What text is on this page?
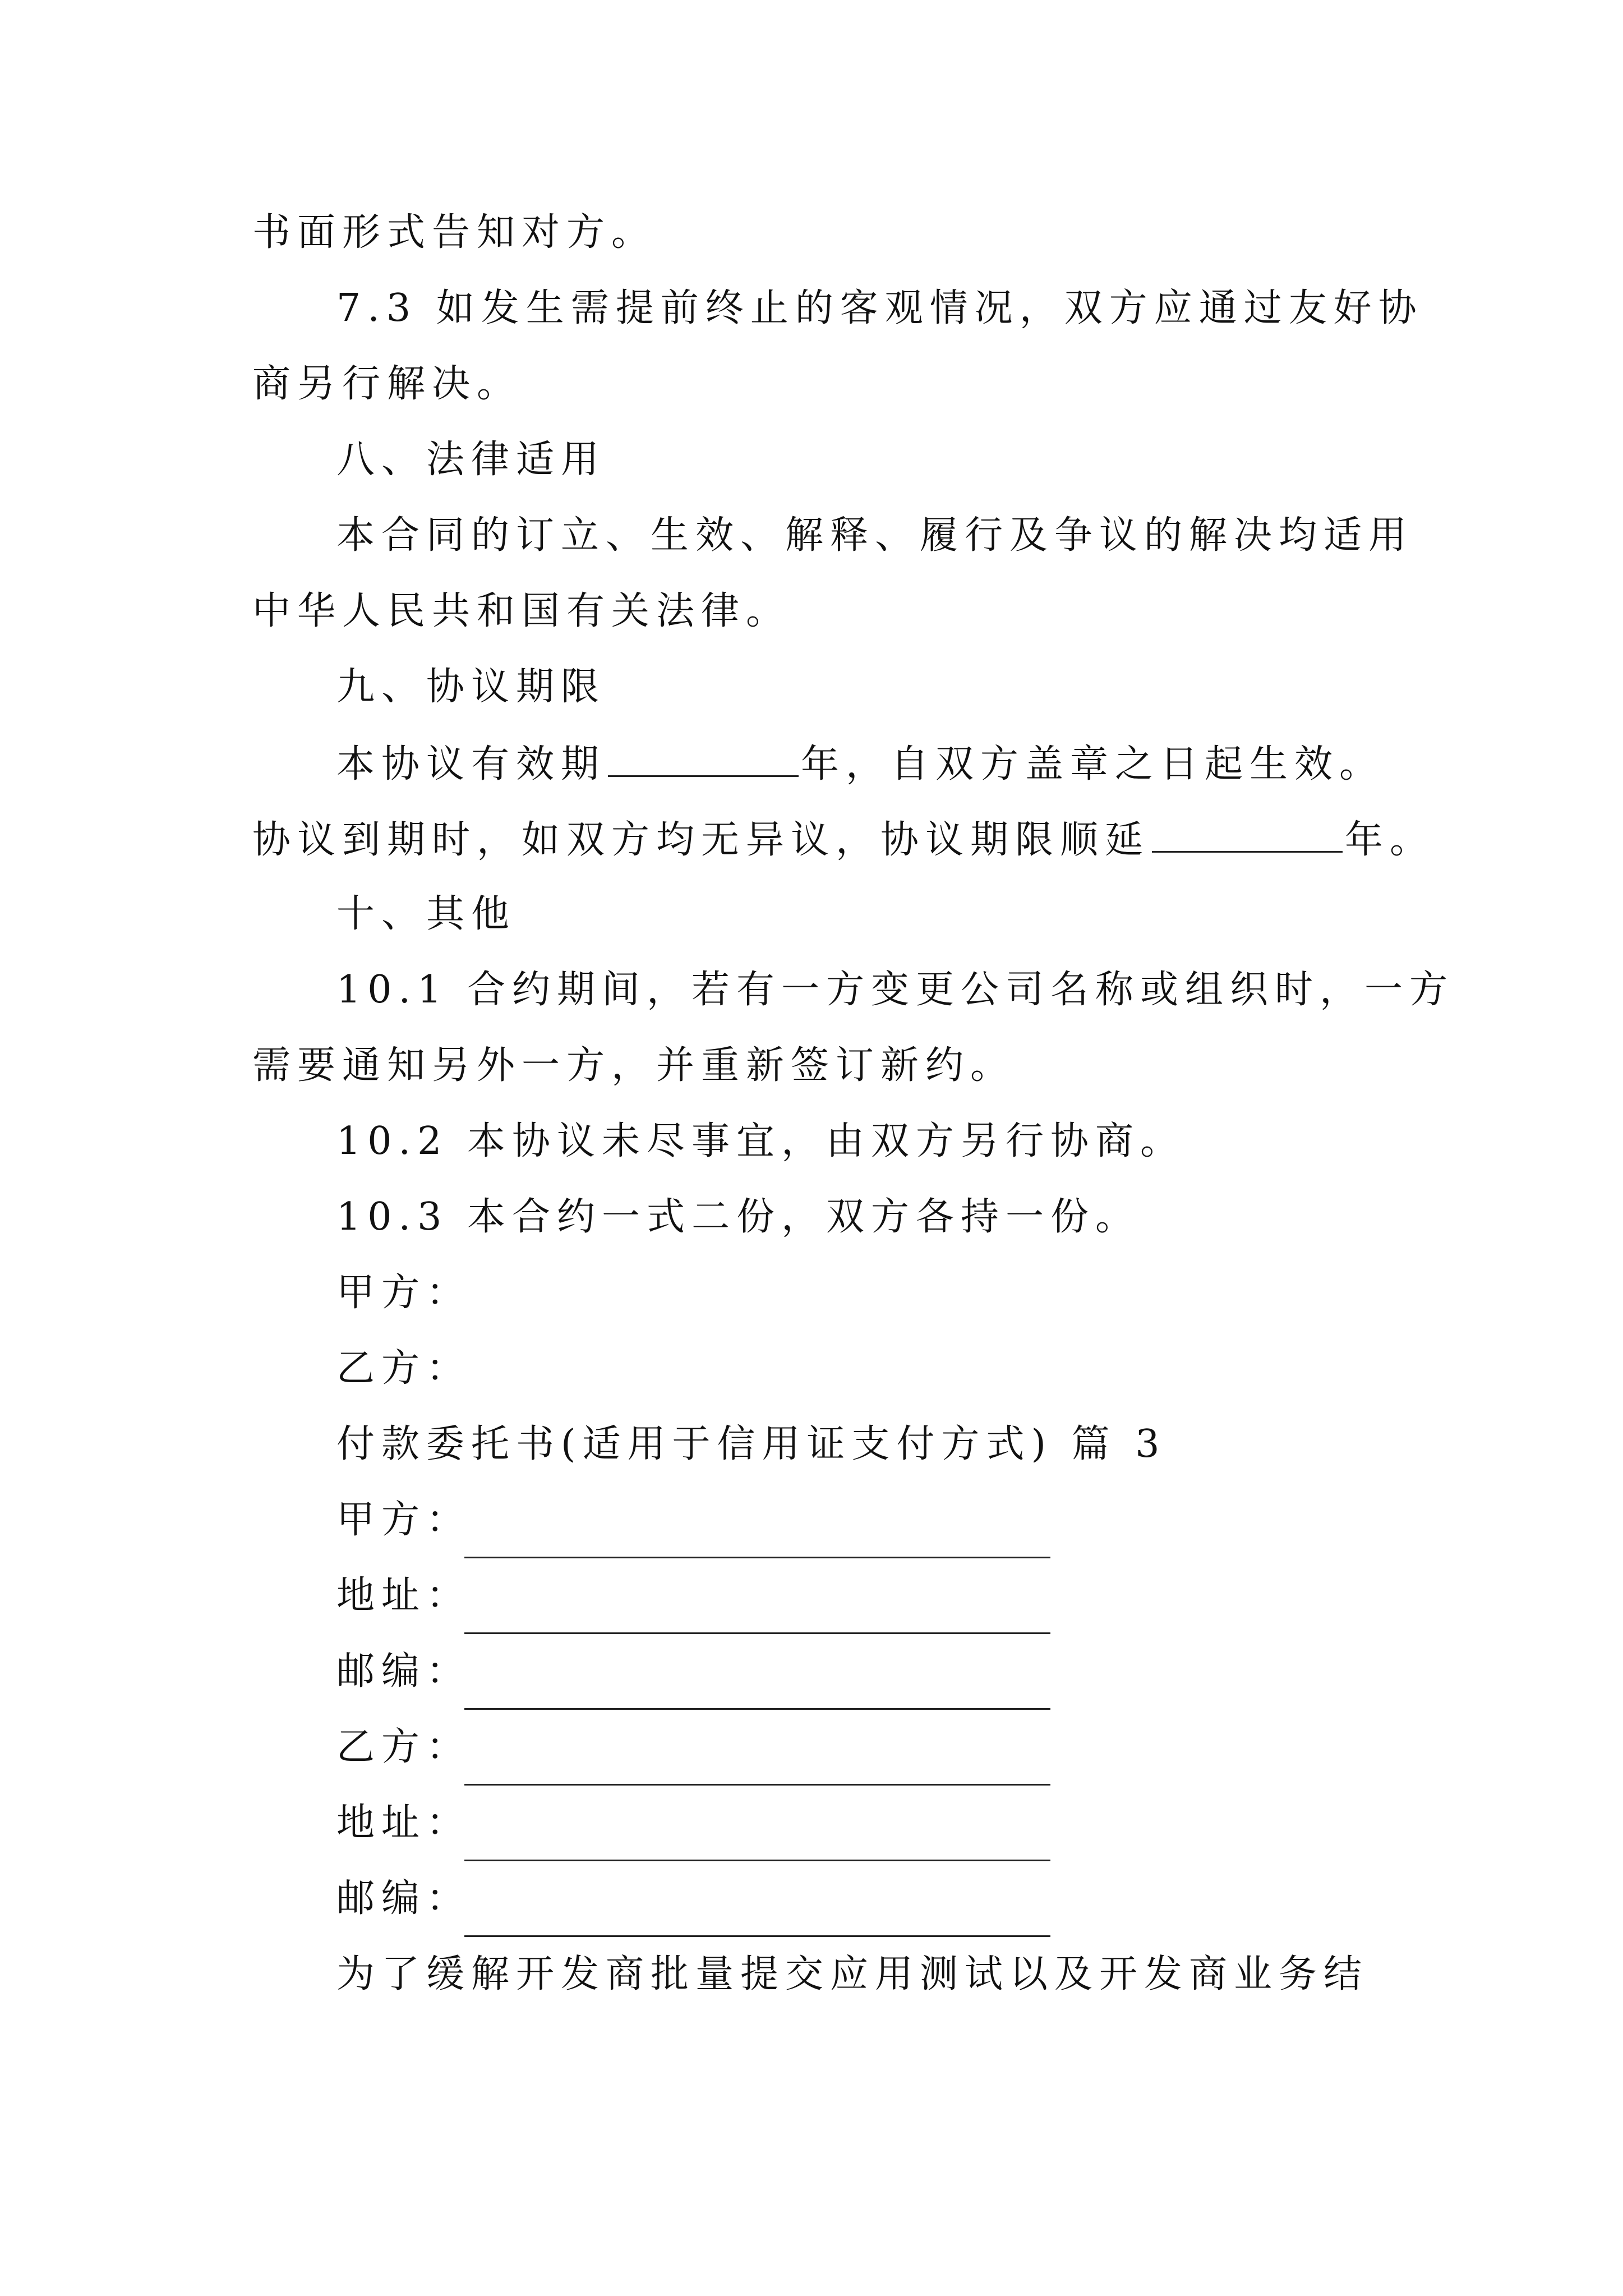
书面形式告知对方。
7.3 如发生需提前终止的客观情况，双方应通过友好协
商另行解决。
八、法律适用
本合同的订立、生效、解释、履行及争议的解决均适用
中华人民共和国有关法律。
九、协议期限
本协议有效期	年，自双方盖章之日起生效。
协议到期时，如双方均无异议，协议期限顺延	年。
十、其他
10.1 合约期间，若有一方变更公司名称或组织时，一方
需要通知另外一方，并重新签订新约。
10.2 本协议未尽事宜，由双方另行协商。
10.3 本合约一式二份，双方各持一份。
甲方：
乙方：
付款委托书(适用于信用证支付方式) 篇 3
甲方：
地址：
邮编：
乙方：
地址：
邮编：
为了缓解开发商批量提交应用测试以及开发商业务结
